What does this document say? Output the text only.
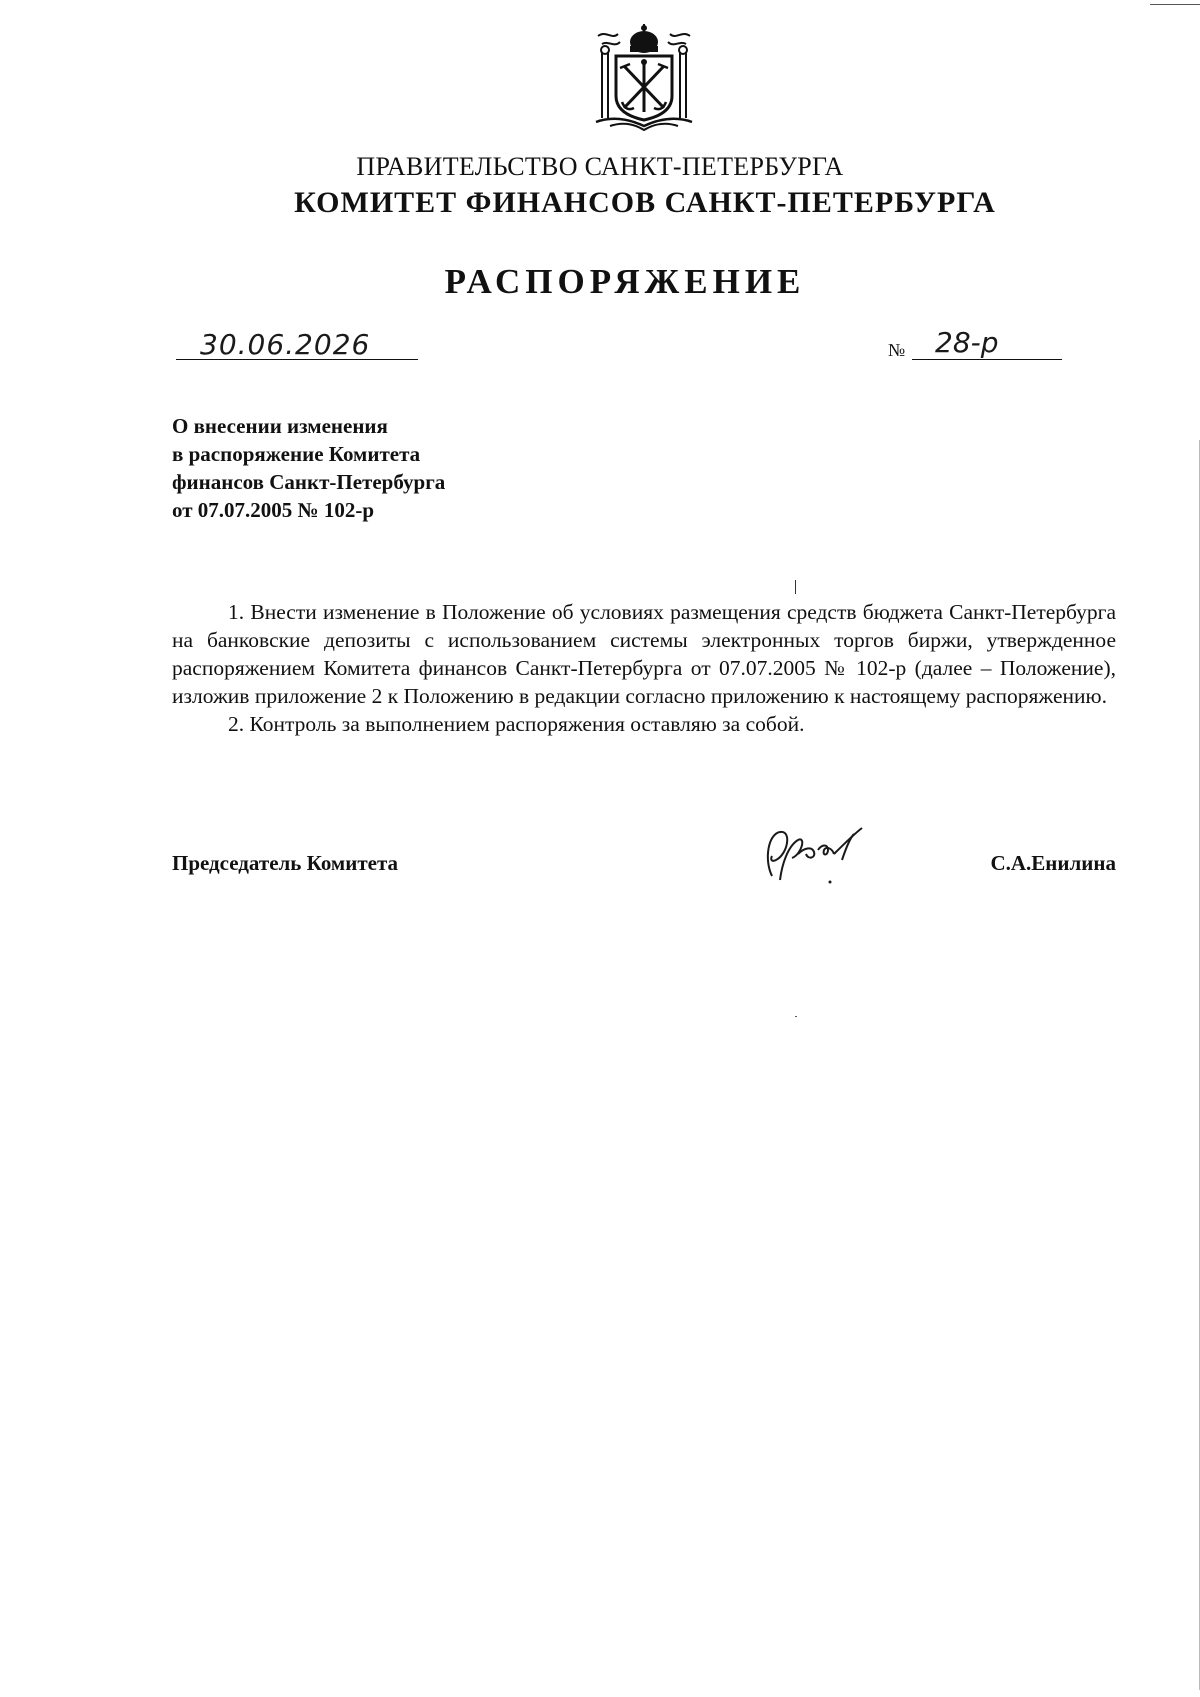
ПРАВИТЕЛЬСТВО САНКТ-ПЕТЕРБУРГА
КОМИТЕТ ФИНАНСОВ САНКТ-ПЕТЕРБУРГА
РАСПОРЯЖЕНИЕ
30.06.2026	№ 28-р
О внесении изменения
в распоряжение Комитета
финансов Санкт-Петербурга
от 07.07.2005 № 102-р

1. Внести изменение в Положение об условиях размещения средств бюджета Санкт-Петербурга на банковские депозиты с использованием системы электронных торгов биржи, утвержденное распоряжением Комитета финансов Санкт-Петербурга от 07.07.2005 № 102-р (далее – Положение), изложив приложение 2 к Положению в редакции согласно приложению к настоящему распоряжению.

2. Контроль за выполнением распоряжения оставляю за собой.

Председатель Комитета	С.А.Енилина
